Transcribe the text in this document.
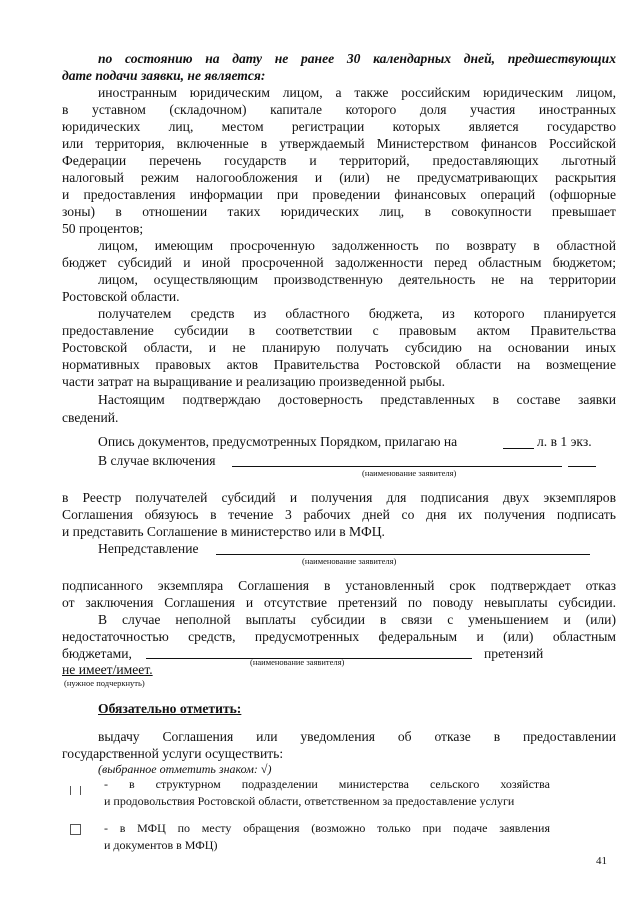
по состоянию на дату не ранее 30 календарных дней, предшествующих
дате подачи заявки, не является:
иностранным юридическим лицом, а также российским юридическим лицом,
в уставном (складочном) капитале которого доля участия иностранных
юридических лиц, местом регистрации которых является государство
или территория, включенные в утверждаемый Министерством финансов Российской
Федерации перечень государств и территорий, предоставляющих льготный
налоговый режим налогообложения и (или) не предусматривающих раскрытия
и предоставления информации при проведении финансовых операций (офшорные
зоны) в отношении таких юридических лиц, в совокупности превышает
50 процентов;
лицом, имеющим просроченную задолженность по возврату в областной
бюджет субсидий и иной просроченной задолженности перед областным бюджетом;
лицом, осуществляющим производственную деятельность не на территории
Ростовской области.
получателем средств из областного бюджета, из которого планируется
предоставление субсидии в соответствии с правовым актом Правительства
Ростовской области, и не планирую получать субсидию на основании иных
нормативных правовых актов Правительства Ростовской области на возмещение
части затрат на выращивание и реализацию произведенной рыбы.
Настоящим подтверждаю достоверность представленных в составе заявки
сведений.
Опись документов, предусмотренных Порядком, прилагаю на	л. в 1 экз.
В случае включения
(наименование заявителя)
в Реестр получателей субсидий и получения для подписания двух экземпляров
Соглашения обязуюсь в течение 3 рабочих дней со дня их получения подписать
и представить Соглашение в министерство или в МФЦ.
Непредставление
(наименование заявителя)
подписанного экземпляра Соглашения в установленный срок подтверждает отказ
от заключения Соглашения и отсутствие претензий по поводу невыплаты субсидии.
В случае неполной выплаты субсидии в связи с уменьшением и (или)
недостаточностью средств, предусмотренных федеральным и (или) областным
бюджетами,	претензий
(наименование заявителя)
не имеет/имеет.
(нужное подчеркнуть)
Обязательно отметить:
выдачу Соглашения или уведомления об отказе в предоставлении
государственной услуги осуществить:
(выбранное отметить знаком: √)
- в структурном подразделении министерства сельского хозяйства
и продовольствия Ростовской области, ответственном за предоставление услуги
- в МФЦ по месту обращения (возможно только при подаче заявления
и документов в МФЦ)
41
